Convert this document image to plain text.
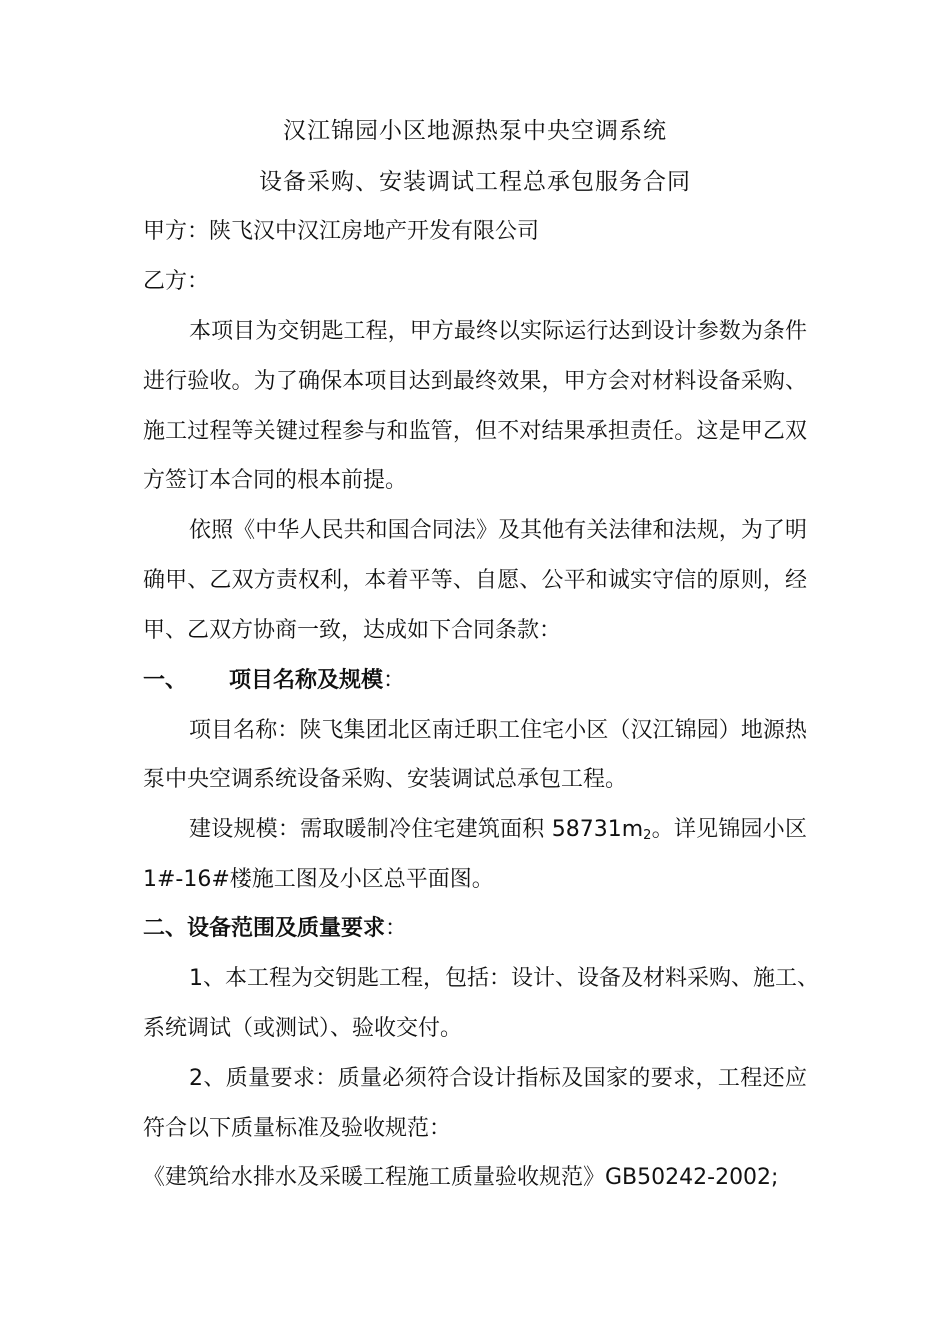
汉江锦园小区地源热泵中央空调系统
设备采购、安装调试工程总承包服务合同
甲方：陕飞汉中汉江房地产开发有限公司
乙方：
本项目为交钥匙工程，甲方最终以实际运行达到设计参数为条件
进行验收。为了确保本项目达到最终效果，甲方会对材料设备采购、
施工过程等关键过程参与和监管，但不对结果承担责任。这是甲乙双
方签订本合同的根本前提。
依照《中华人民共和国合同法》及其他有关法律和法规，为了明
确甲、乙双方责权利，本着平等、自愿、公平和诚实守信的原则，经
甲、乙双方协商一致，达成如下合同条款：
一、 项目名称及规模：
项目名称：陕飞集团北区南迁职工住宅小区（汉江锦园）地源热
泵中央空调系统设备采购、安装调试总承包工程。
建设规模：需取暖制冷住宅建筑面积 $58731m_2$。详见锦园小区
1#-16#楼施工图及小区总平面图。
二、设备范围及质量要求：
1、本工程为交钥匙工程，包括：设计、设备及材料采购、施工、
系统调试（或测试）、验收交付。
2、质量要求：质量必须符合设计指标及国家的要求，工程还应
符合以下质量标准及验收规范：
《建筑给水排水及采暖工程施工质量验收规范》GB50242-2002;
